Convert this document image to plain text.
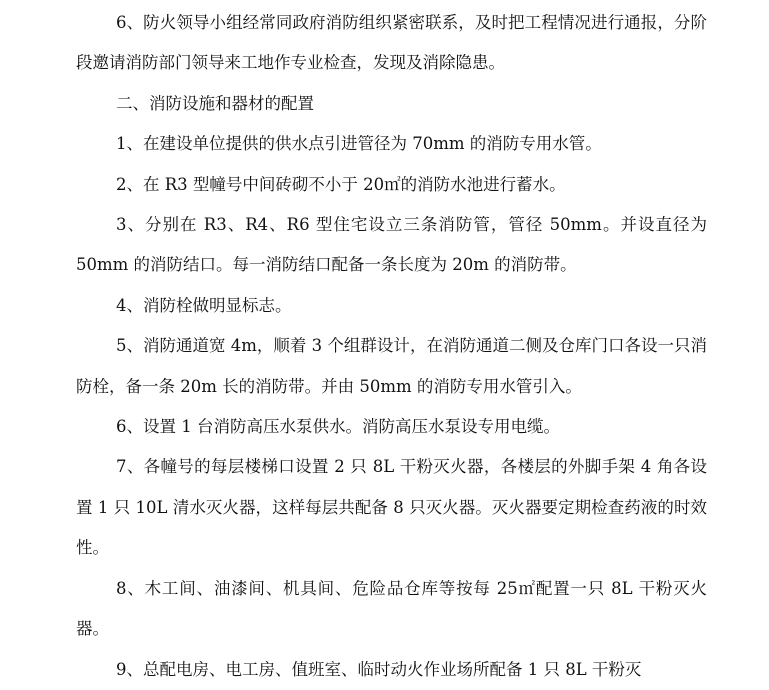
6、防火领导小组经常同政府消防组织紧密联系，及时把工程情况进行通报，分阶段邀请消防部门领导来工地作专业检查，发现及消除隐患。

二、消防设施和器材的配置

1、在建设单位提供的供水点引进管径为 70mm 的消防专用水管。

2、在 R3 型幢号中间砖砌不小于 20㎡的消防水池进行蓄水。

3、分别在 R3、R4、R6 型住宅设立三条消防管，管径 50mm。并设直径为 50mm 的消防结口。每一消防结口配备一条长度为 20m 的消防带。

4、消防栓做明显标志。

5、消防通道宽 4m，顺着 3 个组群设计，在消防通道二侧及仓库门口各设一只消防栓，备一条 20m 长的消防带。并由 50mm 的消防专用水管引入。

6、设置 1 台消防高压水泵供水。消防高压水泵设专用电缆。

7、各幢号的每层楼梯口设置 2 只 8L 干粉灭火器，各楼层的外脚手架 4 角各设置 1 只 10L 清水灭火器，这样每层共配备 8 只灭火器。灭火器要定期检查药液的时效性。

8、木工间、油漆间、机具间、危险品仓库等按每 25㎡配置一只 8L 干粉灭火器。

9、总配电房、电工房、值班室、临时动火作业场所配备 1 只 8L 干粉灭
